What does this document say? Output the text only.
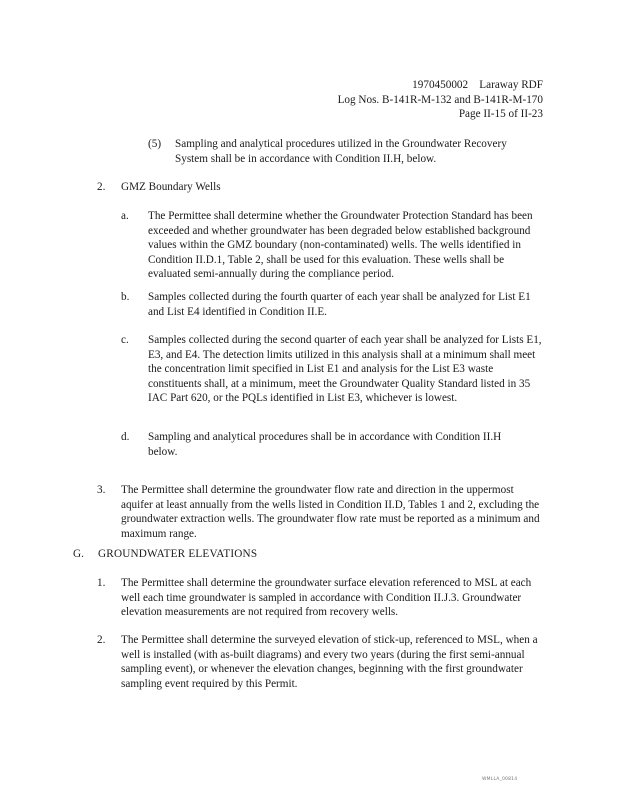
1970450002    Laraway RDF
Log Nos. B-141R-M-132 and B-141R-M-170
Page II-15 of II-23
(5) Sampling and analytical procedures utilized in the Groundwater Recovery System shall be in accordance with Condition II.H, below.
2. GMZ Boundary Wells
a. The Permittee shall determine whether the Groundwater Protection Standard has been exceeded and whether groundwater has been degraded below established background values within the GMZ boundary (non-contaminated) wells. The wells identified in Condition II.D.1, Table 2, shall be used for this evaluation. These wells shall be evaluated semi-annually during the compliance period.
b. Samples collected during the fourth quarter of each year shall be analyzed for List E1 and List E4 identified in Condition II.E.
c. Samples collected during the second quarter of each year shall be analyzed for Lists E1, E3, and E4. The detection limits utilized in this analysis shall at a minimum shall meet the concentration limit specified in List E1 and analysis for the List E3 waste constituents shall, at a minimum, meet the Groundwater Quality Standard listed in 35 IAC Part 620, or the PQLs identified in List E3, whichever is lowest.
d. Sampling and analytical procedures shall be in accordance with Condition II.H below.
3. The Permittee shall determine the groundwater flow rate and direction in the uppermost aquifer at least annually from the wells listed in Condition II.D, Tables 1 and 2, excluding the groundwater extraction wells. The groundwater flow rate must be reported as a minimum and maximum range.
G. GROUNDWATER ELEVATIONS
1. The Permittee shall determine the groundwater surface elevation referenced to MSL at each well each time groundwater is sampled in accordance with Condition II.J.3. Groundwater elevation measurements are not required from recovery wells.
2. The Permittee shall determine the surveyed elevation of stick-up, referenced to MSL, when a well is installed (with as-built diagrams) and every two years (during the first semi-annual sampling event), or whenever the elevation changes, beginning with the first groundwater sampling event required by this Permit.
WMLLA_00814
